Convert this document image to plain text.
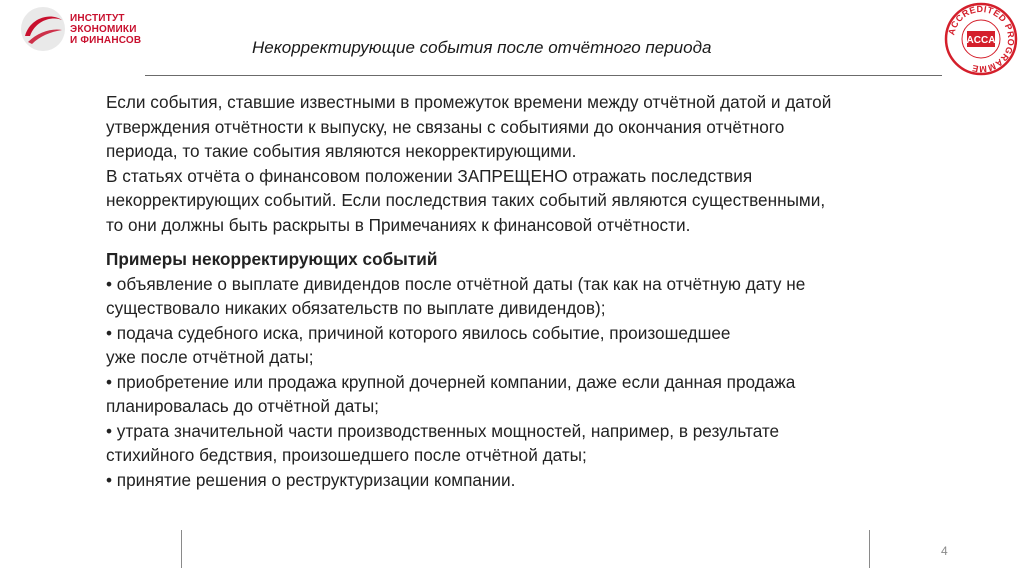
ИНСТИТУТ
ЭКОНОМИКИ
И ФИНАНСОВ	Некорректирующие события после отчётного периода
ACCREDITED PROGRAMME
ACCA

Если события, ставшие известными в промежуток времени между отчётной датой и датой

утверждения отчётности к выпуску, не связаны с событиями до окончания отчётного

периода, то такие события являются некорректирующими.

В статьях отчёта о финансовом положении ЗАПРЕЩЕНО отражать последствия

некорректирующих событий. Если последствия таких событий являются существенными,

то они должны быть раскрыты в Примечаниях к финансовой отчётности.

Примеры некорректирующих событий

• объявление о выплате дивидендов после отчётной даты (так как на отчётную дату не

существовало никаких обязательств по выплате дивидендов);

• подача судебного иска, причиной которого явилось событие, произошедшее

уже после отчётной даты;

• приобретение или продажа крупной дочерней компании, даже если данная продажа

планировалась до отчётной даты;

• утрата значительной части производственных мощностей, например, в результате

стихийного бедствия, произошедшего после отчётной даты;

• принятие решения о реструктуризации компании.

4
